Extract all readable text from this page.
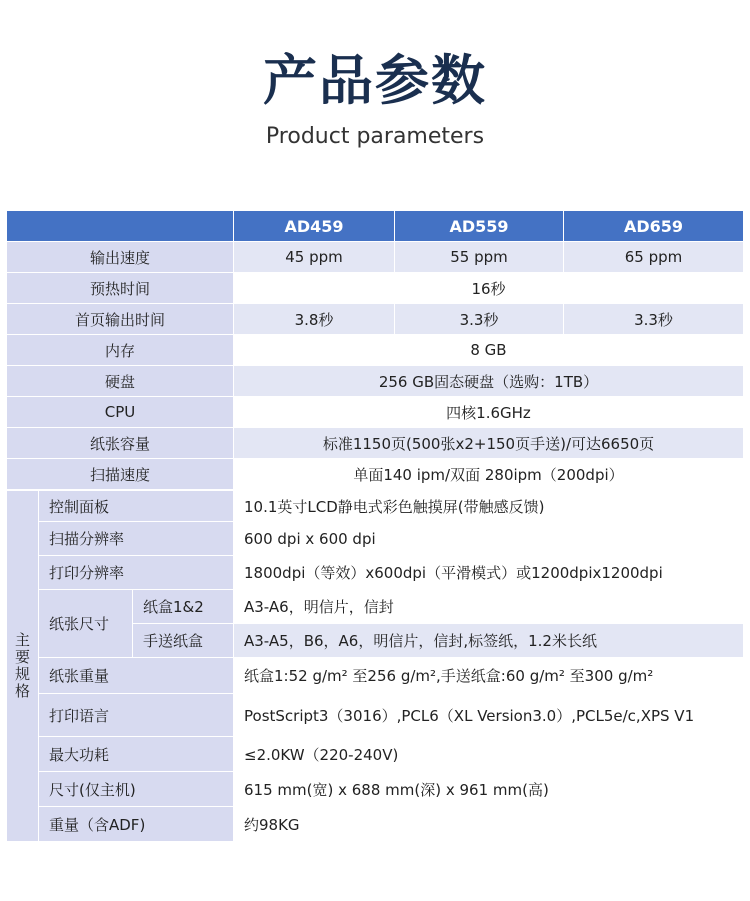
产品参数
Product parameters
AD459	AD559	AD659
输出速度	45 ppm	55 ppm	65 ppm
预热时间	16秒
首页输出时间	3.8秒	3.3秒	3.3秒
内存	8 GB
硬盘	256 GB固态硬盘（选购：1TB）
CPU	四核1.6GHz
纸张容量	标准1150页(500张x2+150页手送)/可达6650页
扫描速度	单面140 ipm/双面 280ipm（200dpi）
主要规格
控制面板	10.1英寸LCD静电式彩色触摸屏(带触感反馈)
扫描分辨率	600 dpi x 600 dpi
打印分辨率	1800dpi（等效）x600dpi（平滑模式）或1200dpix1200dpi
纸张尺寸
纸盒1&2	A3-A6，明信片，信封
手送纸盒	A3-A5，B6，A6，明信片，信封,标签纸，1.2米长纸
纸张重量	纸盒1:52 g/m² 至256 g/m²,手送纸盒:60 g/m² 至300 g/m²
打印语言	PostScript3（3016）,PCL6（XL Version3.0）,PCL5e/c,XPS V1
最大功耗	≤2.0KW（220-240V)
尺寸(仅主机)	615 mm(宽) x 688 mm(深) x 961 mm(高)
重量（含ADF)	约98KG
